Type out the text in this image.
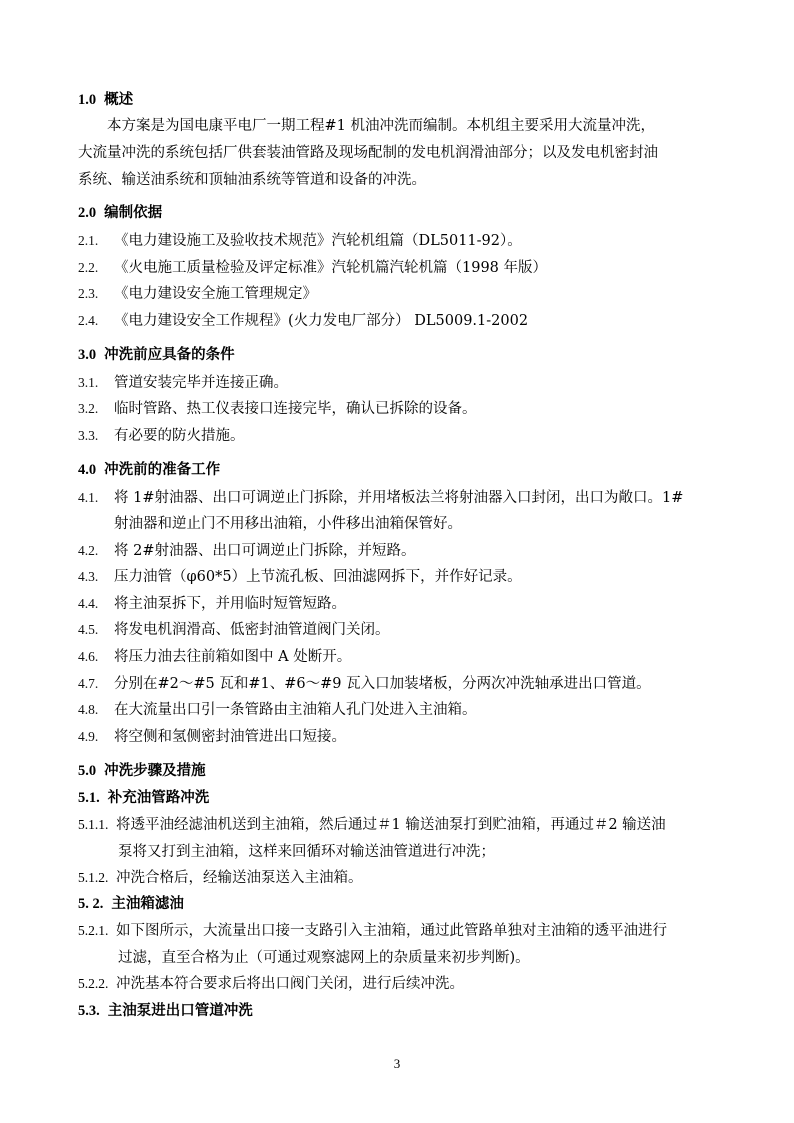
1.0 概述
本方案是为国电康平电厂一期工程#1 机油冲洗而编制。本机组主要采用大流量冲洗，
大流量冲洗的系统包括厂供套装油管路及现场配制的发电机润滑油部分；以及发电机密封油
系统、输送油系统和顶轴油系统等管道和设备的冲洗。
2.0 编制依据
2.1. 《电力建设施工及验收技术规范》汽轮机组篇（DL5011-92）。
2.2. 《火电施工质量检验及评定标准》汽轮机篇汽轮机篇（1998 年版）
2.3. 《电力建设安全施工管理规定》
2.4. 《电力建设安全工作规程》(火力发电厂部分） DL5009.1-2002
3.0 冲洗前应具备的条件
3.1. 管道安装完毕并连接正确。
3.2. 临时管路、热工仪表接口连接完毕，确认已拆除的设备。
3.3. 有必要的防火措施。
4.0 冲洗前的准备工作
4.1. 将 1#射油器、出口可调逆止门拆除，并用堵板法兰将射油器入口封闭，出口为敞口。1#
射油器和逆止门不用移出油箱，小件移出油箱保管好。
4.2. 将 2#射油器、出口可调逆止门拆除，并短路。
4.3. 压力油管（φ60*5）上节流孔板、回油滤网拆下，并作好记录。
4.4. 将主油泵拆下，并用临时短管短路。
4.5. 将发电机润滑高、低密封油管道阀门关闭。
4.6. 将压力油去往前箱如图中 A 处断开。
4.7. 分别在#2～#5 瓦和#1、#6～#9 瓦入口加装堵板，分两次冲洗轴承进出口管道。
4.8. 在大流量出口引一条管路由主油箱人孔门处进入主油箱。
4.9. 将空侧和氢侧密封油管进出口短接。
5.0 冲洗步骤及措施
5.1. 补充油管路冲洗
5.1.1. 将透平油经滤油机送到主油箱，然后通过＃1 输送油泵打到贮油箱，再通过＃2 输送油
泵将又打到主油箱，这样来回循环对输送油管道进行冲洗；
5.1.2. 冲洗合格后，经输送油泵送入主油箱。
5. 2. 主油箱滤油
5.2.1. 如下图所示，大流量出口接一支路引入主油箱，通过此管路单独对主油箱的透平油进行
过滤，直至合格为止（可通过观察滤网上的杂质量来初步判断)。
5.2.2. 冲洗基本符合要求后将出口阀门关闭，进行后续冲洗。
5.3. 主油泵进出口管道冲洗
3
